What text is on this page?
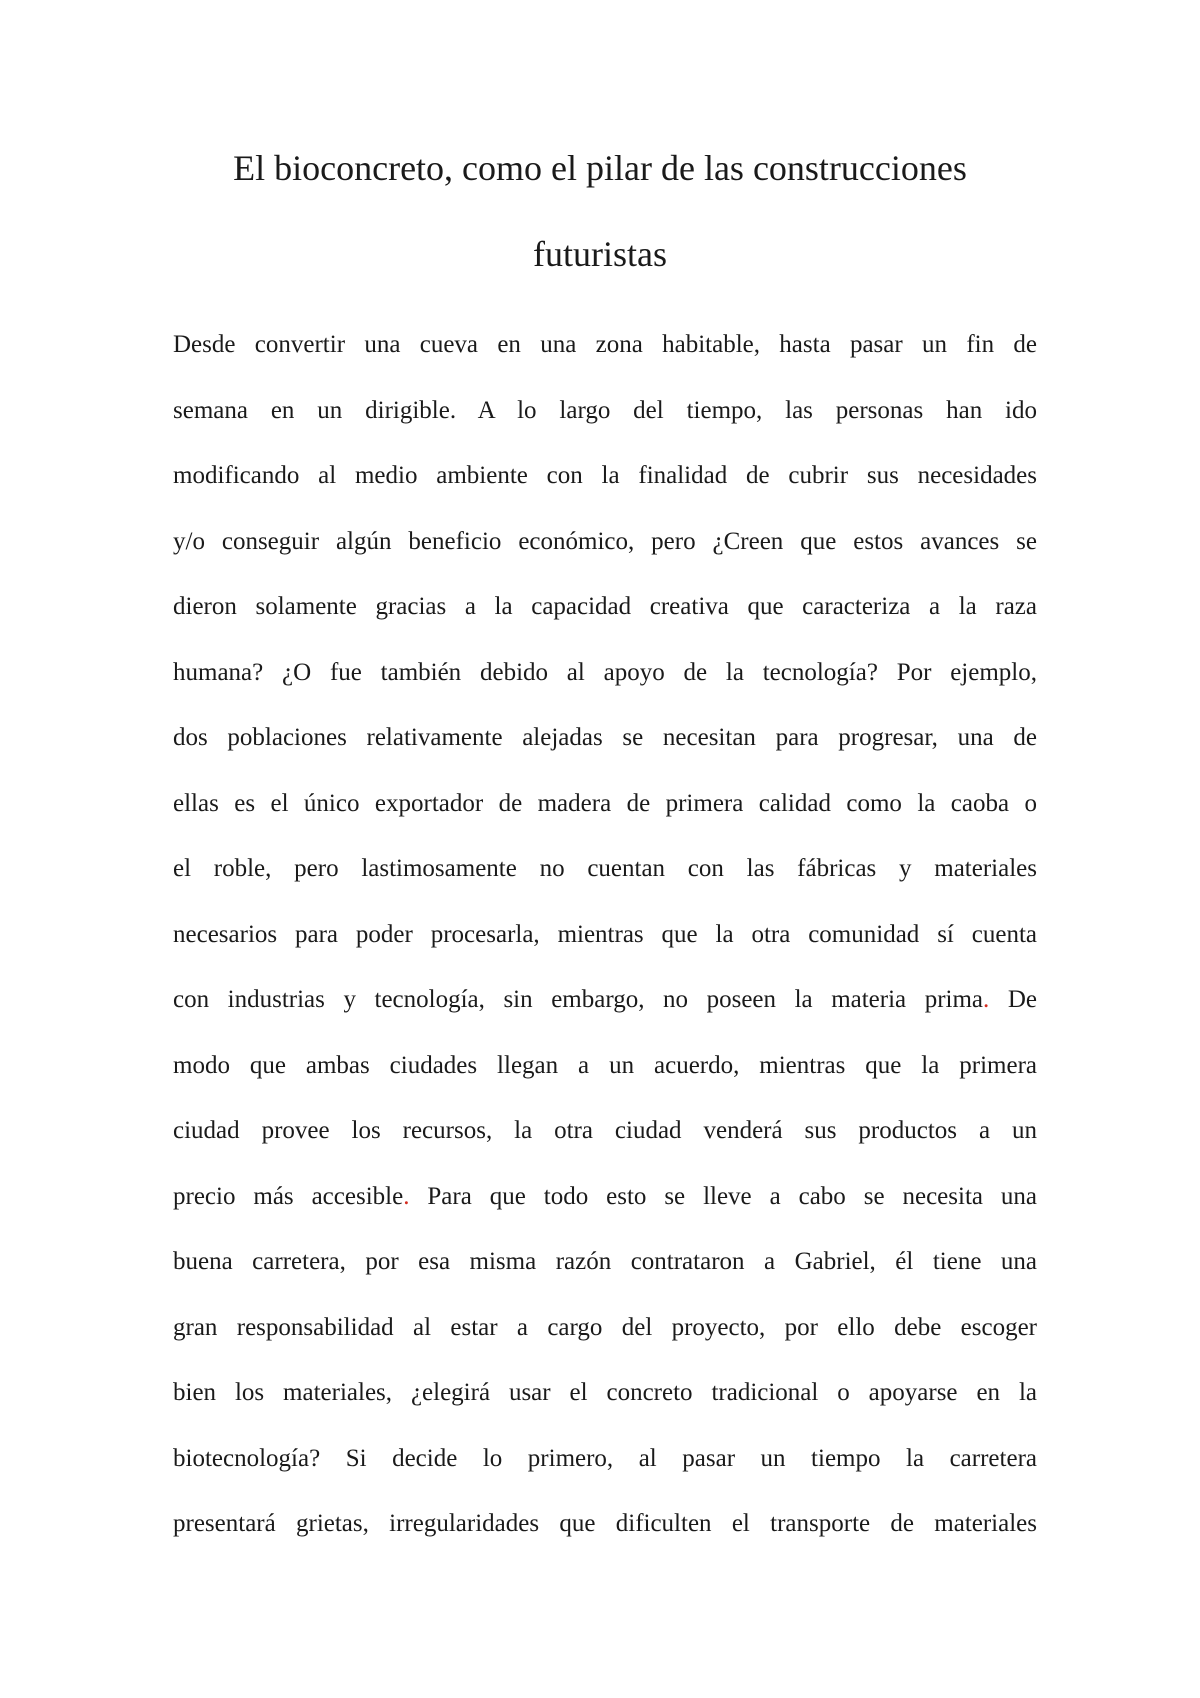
El bioconcreto, como el pilar de las construcciones
futuristas
Desde convertir una cueva en una zona habitable, hasta pasar un fin de
semana en un dirigible. A lo largo del tiempo, las personas han ido
modificando al medio ambiente con la finalidad de cubrir sus necesidades
y/o conseguir algún beneficio económico, pero ¿Creen que estos avances se
dieron solamente gracias a la capacidad creativa que caracteriza a la raza
humana? ¿O fue también debido al apoyo de la tecnología? Por ejemplo,
dos poblaciones relativamente alejadas se necesitan para progresar, una de
ellas es el único exportador de madera de primera calidad como la caoba o
el roble, pero lastimosamente no cuentan con las fábricas y materiales
necesarios para poder procesarla, mientras que la otra comunidad sí cuenta
con industrias y tecnología, sin embargo, no poseen la materia prima. De
modo que ambas ciudades llegan a un acuerdo, mientras que la primera
ciudad provee los recursos, la otra ciudad venderá sus productos a un
precio más accesible. Para que todo esto se lleve a cabo se necesita una
buena carretera, por esa misma razón contrataron a Gabriel, él tiene una
gran responsabilidad al estar a cargo del proyecto, por ello debe escoger
bien los materiales, ¿elegirá usar el concreto tradicional o apoyarse en la
biotecnología? Si decide lo primero, al pasar un tiempo la carretera
presentará grietas, irregularidades que dificulten el transporte de materiales
